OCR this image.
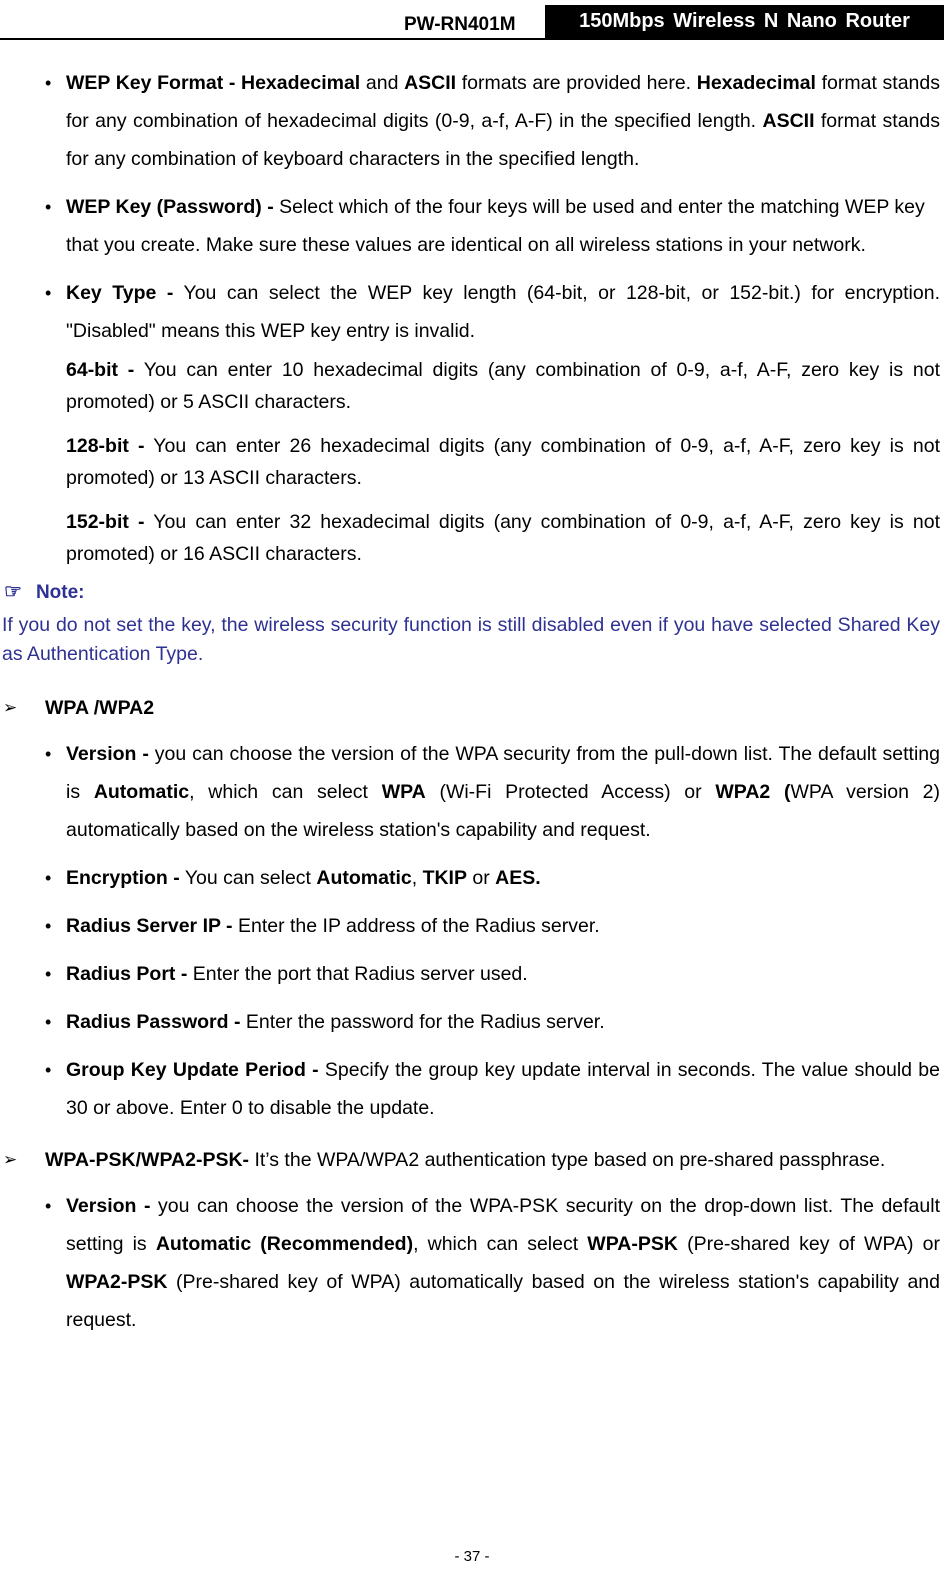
PW-RN401M	150Mbps Wireless N Nano Router
• WEP Key Format - Hexadecimal and ASCII formats are provided here. Hexadecimal format stands for any combination of hexadecimal digits (0-9, a-f, A-F) in the specified length. ASCII format stands for any combination of keyboard characters in the specified length.
• WEP Key (Password) - Select which of the four keys will be used and enter the matching WEP key that you create. Make sure these values are identical on all wireless stations in your network.
• Key Type - You can select the WEP key length (64-bit, or 128-bit, or 152-bit.) for encryption. "Disabled" means this WEP key entry is invalid.
64-bit - You can enter 10 hexadecimal digits (any combination of 0-9, a-f, A-F, zero key is not promoted) or 5 ASCII characters.
128-bit - You can enter 26 hexadecimal digits (any combination of 0-9, a-f, A-F, zero key is not promoted) or 13 ASCII characters.
152-bit - You can enter 32 hexadecimal digits (any combination of 0-9, a-f, A-F, zero key is not promoted) or 16 ASCII characters.
☞ Note:
If you do not set the key, the wireless security function is still disabled even if you have selected Shared Key as Authentication Type.
➢ WPA /WPA2
• Version - you can choose the version of the WPA security from the pull-down list. The default setting is Automatic, which can select WPA (Wi-Fi Protected Access) or WPA2 (WPA version 2) automatically based on the wireless station's capability and request.
• Encryption - You can select Automatic, TKIP or AES.
• Radius Server IP - Enter the IP address of the Radius server.
• Radius Port - Enter the port that Radius server used.
• Radius Password - Enter the password for the Radius server.
• Group Key Update Period - Specify the group key update interval in seconds. The value should be 30 or above. Enter 0 to disable the update.
➢ WPA-PSK/WPA2-PSK- It’s the WPA/WPA2 authentication type based on pre-shared passphrase.
• Version - you can choose the version of the WPA-PSK security on the drop-down list. The default setting is Automatic (Recommended), which can select WPA-PSK (Pre-shared key of WPA) or WPA2-PSK (Pre-shared key of WPA) automatically based on the wireless station's capability and request.
- 37 -
